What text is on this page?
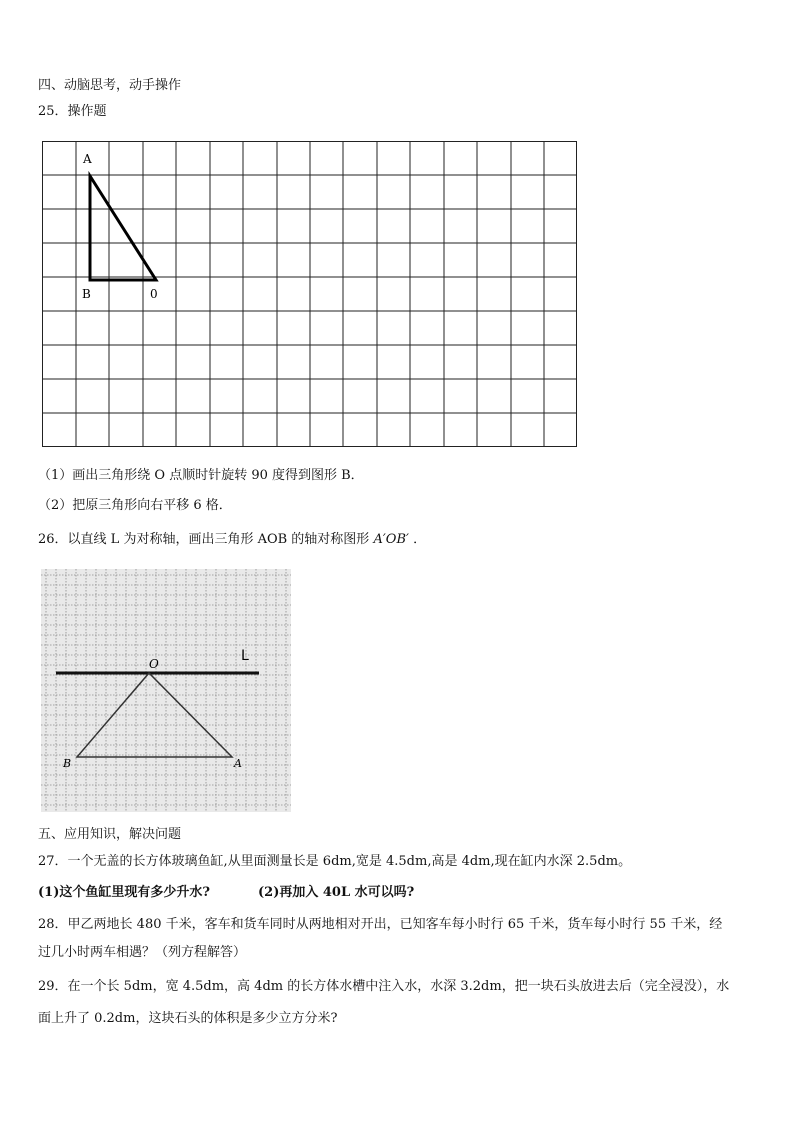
四、动脑思考，动手操作
25．操作题
A
B	0
（1）画出三角形绕 O 点顺时针旋转 90 度得到图形 B．
（2）把原三角形向右平移 6 格．
26．以直线 L 为对称轴，画出三角形 AOB 的轴对称图形 A′OB′ ．
O	L
B	A
五、应用知识，解决问题
27．一个无盖的长方体玻璃鱼缸,从里面测量长是 6dm,宽是 4.5dm,高是 4dm,现在缸内水深 2.5dm。
(1)这个鱼缸里现有多少升水?	(2)再加入 40L 水可以吗?
28．甲乙两地长 480 千米，客车和货车同时从两地相对开出，已知客车每小时行 65 千米，货车每小时行 55 千米，经
过几小时两车相遇？（列方程解答）
29．在一个长 5dm，宽 4.5dm，高 4dm 的长方体水槽中注入水，水深 3.2dm，把一块石头放进去后（完全浸没），水
面上升了 0.2dm，这块石头的体积是多少立方分米?
